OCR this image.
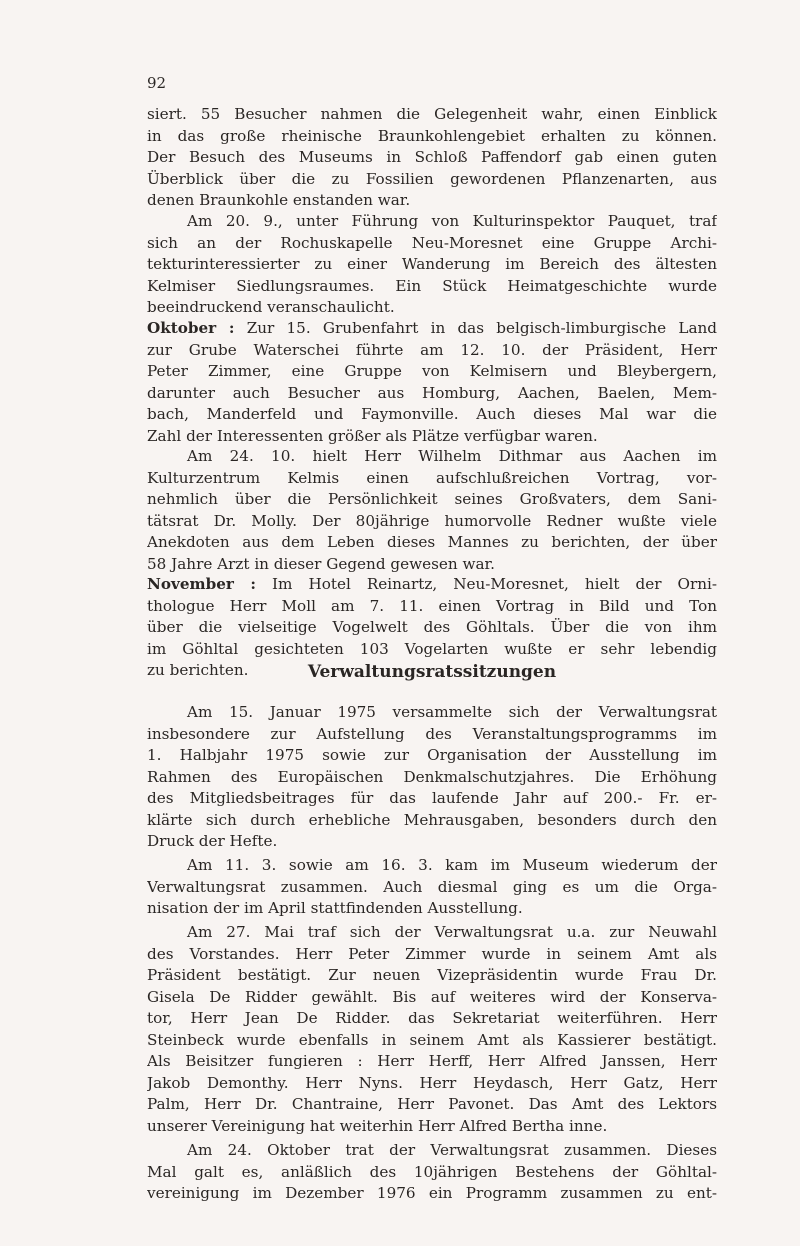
92
siert. 55 Besucher nahmen die Gelegenheit wahr, einen Einblick
in das große rheinische Braunkohlengebiet erhalten zu können.
Der Besuch des Museums in Schloß Paffendorf gab einen guten
Überblick über die zu Fossilien gewordenen Pflanzenarten, aus
denen Braunkohle enstanden war.
Am 20. 9., unter Führung von Kulturinspektor Pauquet, traf
sich an der Rochuskapelle Neu-Moresnet eine Gruppe Archi-
tekturinteressierter zu einer Wanderung im Bereich des ältesten
Kelmiser Siedlungsraumes. Ein Stück Heimatgeschichte wurde
beeindruckend veranschaulicht.
Oktober : Zur 15. Grubenfahrt in das belgisch-limburgische Land
zur Grube Waterschei führte am 12. 10. der Präsident, Herr
Peter Zimmer, eine Gruppe von Kelmisern und Bleybergern,
darunter auch Besucher aus Homburg, Aachen, Baelen, Mem-
bach, Manderfeld und Faymonville. Auch dieses Mal war die
Zahl der Interessenten größer als Plätze verfügbar waren.
Am 24. 10. hielt Herr Wilhelm Dithmar aus Aachen im
Kulturzentrum Kelmis einen aufschlußreichen Vortrag, vor-
nehmlich über die Persönlichkeit seines Großvaters, dem Sani-
tätsrat Dr. Molly. Der 80jährige humorvolle Redner wußte viele
Anekdoten aus dem Leben dieses Mannes zu berichten, der über
58 Jahre Arzt in dieser Gegend gewesen war.
November : Im Hotel Reinartz, Neu-Moresnet, hielt der Orni-
thologue Herr Moll am 7. 11. einen Vortrag in Bild und Ton
über die vielseitige Vogelwelt des Göhltals. Über die von ihm
im Göhltal gesichteten 103 Vogelarten wußte er sehr lebendig
zu berichten.	Verwaltungsratssitzungen
Am 15. Januar 1975 versammelte sich der Verwaltungsrat
insbesondere zur Aufstellung des Veranstaltungsprogramms im
1. Halbjahr 1975 sowie zur Organisation der Ausstellung im
Rahmen des Europäischen Denkmalschutzjahres. Die Erhöhung
des Mitgliedsbeitrages für das laufende Jahr auf 200.- Fr. er-
klärte sich durch erhebliche Mehrausgaben, besonders durch den
Druck der Hefte.
Am 11. 3. sowie am 16. 3. kam im Museum wiederum der
Verwaltungsrat zusammen. Auch diesmal ging es um die Orga-
nisation der im April stattfindenden Ausstellung.
Am 27. Mai traf sich der Verwaltungsrat u.a. zur Neuwahl
des Vorstandes. Herr Peter Zimmer wurde in seinem Amt als
Präsident bestätigt. Zur neuen Vizepräsidentin wurde Frau Dr.
Gisela De Ridder gewählt. Bis auf weiteres wird der Konserva-
tor, Herr Jean De Ridder. das Sekretariat weiterführen. Herr
Steinbeck wurde ebenfalls in seinem Amt als Kassierer bestätigt.
Als Beisitzer fungieren : Herr Herff, Herr Alfred Janssen, Herr
Jakob Demonthy. Herr Nyns. Herr Heydasch, Herr Gatz, Herr
Palm, Herr Dr. Chantraine, Herr Pavonet. Das Amt des Lektors
unserer Vereinigung hat weiterhin Herr Alfred Bertha inne.
Am 24. Oktober trat der Verwaltungsrat zusammen. Dieses
Mal galt es, anläßlich des 10jährigen Bestehens der Göhltal-
vereinigung im Dezember 1976 ein Programm zusammen zu ent-
